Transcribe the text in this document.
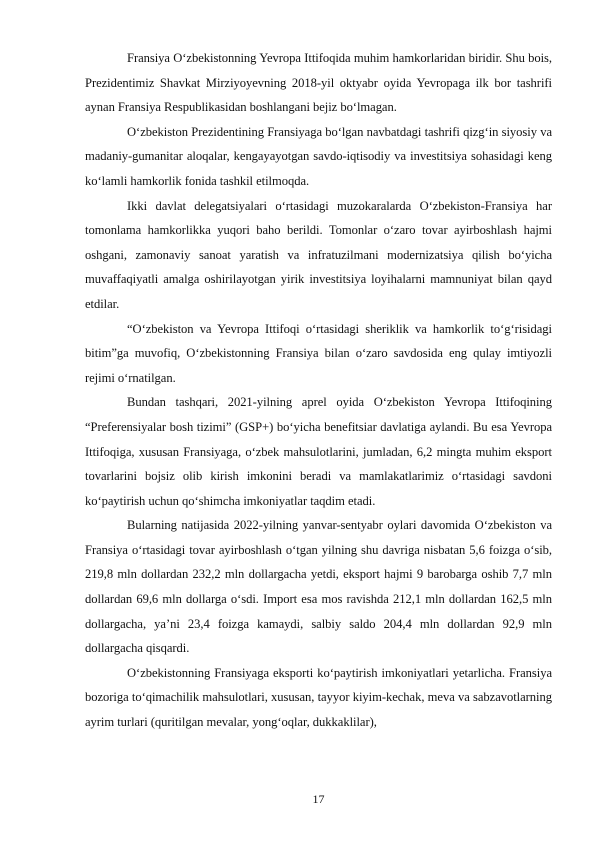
Fransiya O‘zbekistonning Yevropa Ittifoqida muhim hamkorlaridan biridir. Shu bois, Prezidentimiz Shavkat Mirziyoyevning 2018-yil oktyabr oyida Yevropaga ilk bor tashrifi aynan Fransiya Respublikasidan boshlangani bejiz bo‘lmagan.

O‘zbekiston Prezidentining Fransiyaga bo‘lgan navbatdagi tashrifi qizg‘in siyosiy va madaniy-gumanitar aloqalar, kengayayotgan savdo-iqtisodiy va investitsiya sohasidagi keng ko‘lamli hamkorlik fonida tashkil etilmoqda.

Ikki davlat delegatsiyalari o‘rtasidagi muzokaralarda O‘zbekiston-Fransiya har tomonlama hamkorlikka yuqori baho berildi. Tomonlar o‘zaro tovar ayirboshlash hajmi oshgani, zamonaviy sanoat yaratish va infratuzilmani modernizatsiya qilish bo‘yicha muvaffaqiyatli amalga oshirilayotgan yirik investitsiya loyihalarni mamnuniyat bilan qayd etdilar.

“O‘zbekiston va Yevropa Ittifoqi o‘rtasidagi sheriklik va hamkorlik to‘g‘risidagi bitim”ga muvofiq, O‘zbekistonning Fransiya bilan o‘zaro savdosida eng qulay imtiyozli rejimi o‘rnatilgan.

Bundan tashqari, 2021-yilning aprel oyida O‘zbekiston Yevropa Ittifoqining “Preferensiyalar bosh tizimi” (GSP+) bo‘yicha benefitsiar davlatiga aylandi. Bu esa Yevropa Ittifoqiga, xususan Fransiyaga, o‘zbek mahsulotlarini, jumladan, 6,2 mingta muhim eksport tovarlarini bojsiz olib kirish imkonini beradi va mamlakatlarimiz o‘rtasidagi savdoni ko‘paytirish uchun qo‘shimcha imkoniyatlar taqdim etadi.

Bularning natijasida 2022-yilning yanvar-sentyabr oylari davomida O‘zbekiston va Fransiya o‘rtasidagi tovar ayirboshlash o‘tgan yilning shu davriga nisbatan 5,6 foizga o‘sib, 219,8 mln dollardan 232,2 mln dollargacha yetdi, eksport hajmi 9 barobarga oshib 7,7 mln dollardan 69,6 mln dollarga o‘sdi. Import esa mos ravishda 212,1 mln dollardan 162,5 mln dollargacha, ya’ni 23,4 foizga kamaydi, salbiy saldo 204,4 mln dollardan 92,9 mln dollargacha qisqardi.

O‘zbekistonning Fransiyaga eksporti ko‘paytirish imkoniyatlari yetarlicha. Fransiya bozoriga to‘qimachilik mahsulotlari, xususan, tayyor kiyim-kechak, meva va sabzavotlarning ayrim turlari (quritilgan mevalar, yong‘oqlar, dukkaklilar),

17
